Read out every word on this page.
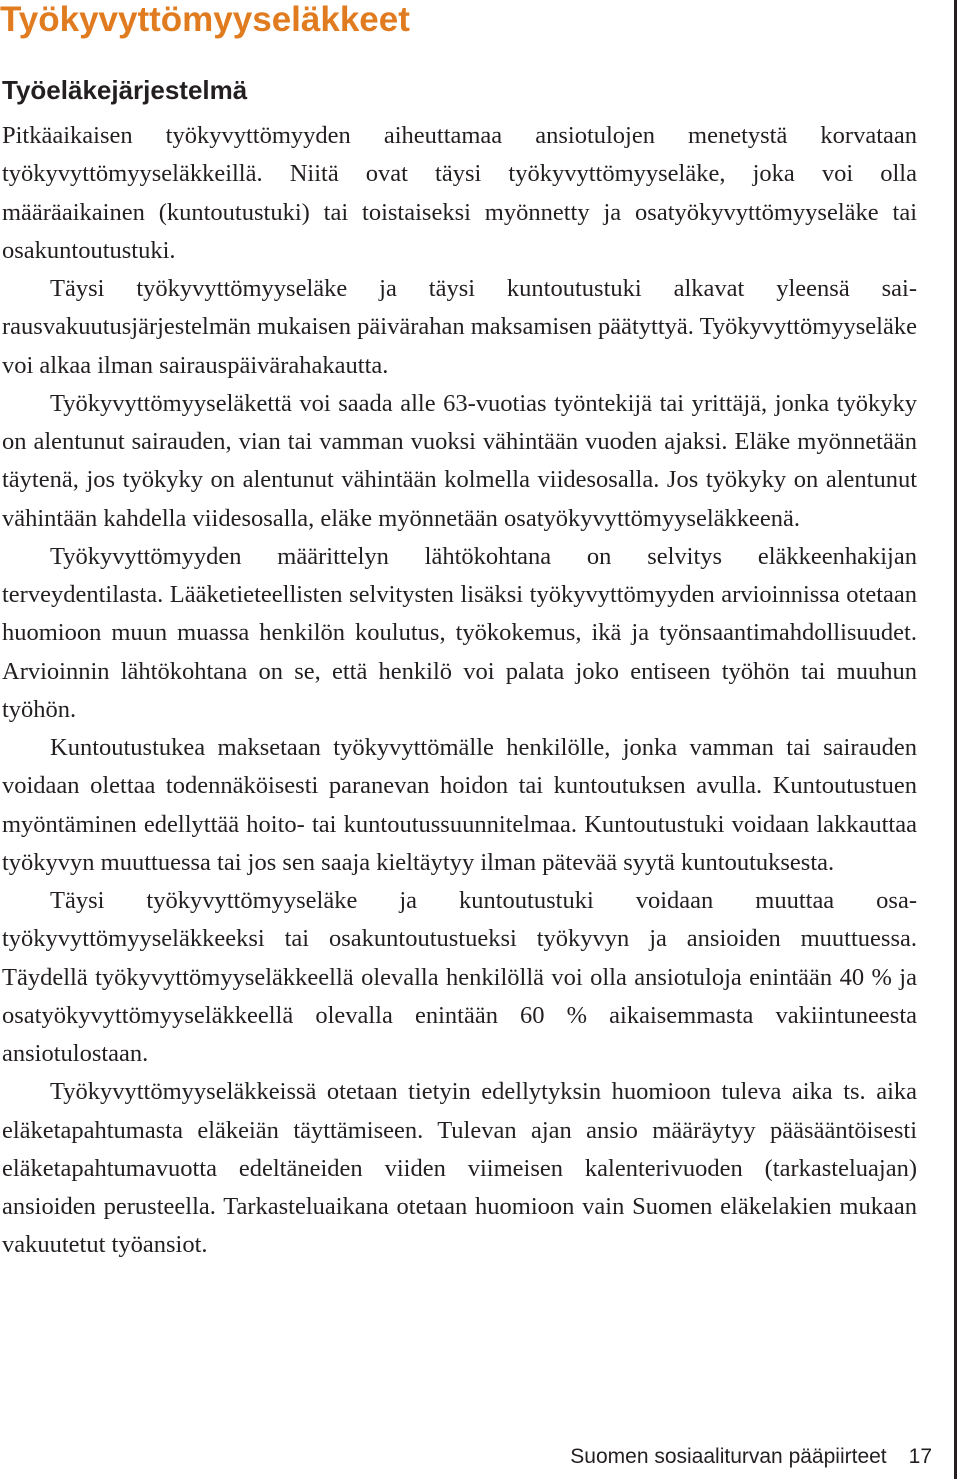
Työkyvyttömyyseläkkeet
Työeläkejärjestelmä

Pitkäaikaisen työkyvyttömyyden aiheuttamaa ansiotulojen menetystä korvataan työkyvyttömyyseläkkeillä. Niitä ovat täysi työkyvyttömyyseläke, joka voi olla määräaikainen (kuntoutustuki) tai toistaiseksi myönnetty ja osatyökyvyttömyyseläke tai osakuntoutustuki.

Täysi työkyvyttömyyseläke ja täysi kuntoutustuki alkavat yleensä sairausvakuutusjärjestelmän mukaisen päivärahan maksamisen päätyttyä. Työkyvyttömyyseläke voi alkaa ilman sairauspäivärahakautta.

Työkyvyttömyyseläkettä voi saada alle 63-vuotias työntekijä tai yrittäjä, jonka työkyky on alentunut sairauden, vian tai vamman vuoksi vähintään vuoden ajaksi. Eläke myönnetään täytenä, jos työkyky on alentunut vähintään kolmella viidesosalla. Jos työkyky on alentunut vähintään kahdella viidesosalla, eläke myönnetään osatyökyvyttömyyseläkkeenä.

Työkyvyttömyyden määrittelyn lähtökohtana on selvitys eläkkeenhakijan terveydentilasta. Lääketieteellisten selvitysten lisäksi työkyvyttömyyden arvioinnissa otetaan huomioon muun muassa henkilön koulutus, työkokemus, ikä ja työnsaantimahdollisuudet. Arvioinnin lähtökohtana on se, että henkilö voi palata joko entiseen työhön tai muuhun työhön.

Kuntoutustukea maksetaan työkyvyttömälle henkilölle, jonka vamman tai sairauden voidaan olettaa todennäköisesti paranevan hoidon tai kuntoutuksen avulla. Kuntoutustuen myöntäminen edellyttää hoito- tai kuntoutussuunnitelmaa. Kuntoutustuki voidaan lakkauttaa työkyvyn muuttuessa tai jos sen saaja kieltäytyy ilman pätevää syytä kuntoutuksesta.

Täysi työkyvyttömyyseläke ja kuntoutustuki voidaan muuttaa osatyökyvyttömyyseläkkeeksi tai osakuntoutustueksi työkyvyn ja ansioiden muuttuessa. Täydellä työkyvyttömyyseläkkeellä olevalla henkilöllä voi olla ansiotuloja enintään 40 % ja osatyökyvyttömyyseläkkeellä olevalla enintään 60 % aikaisemmasta vakiintuneesta ansiotulostaan.

Työkyvyttömyyseläkkeissä otetaan tietyin edellytyksin huomioon tuleva aika ts. aika eläketapahtumasta eläkeiän täyttämiseen. Tulevan ajan ansio määräytyy pääsääntöisesti eläketapahtumavuotta edeltäneiden viiden viimeisen kalenterivuoden (tarkasteluajan) ansioiden perusteella. Tarkasteluaikana otetaan huomioon vain Suomen eläkelakien mukaan vakuutetut työansiot.

Suomen sosiaaliturvan pääpiirteet 17
